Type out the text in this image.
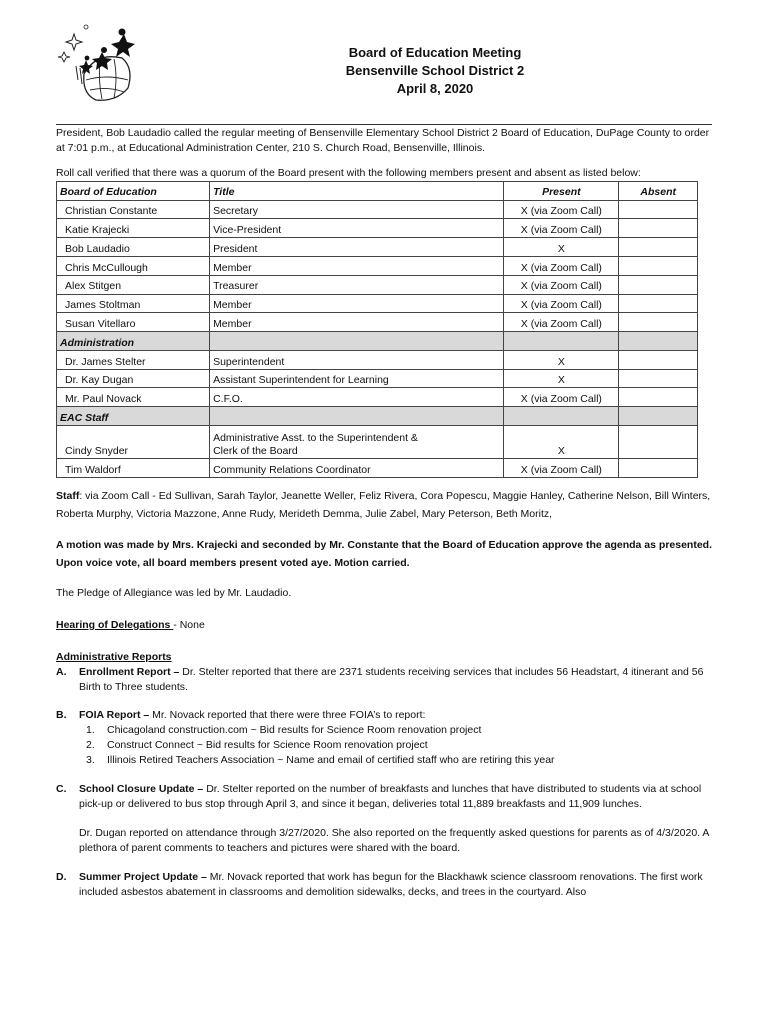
Board of Education Meeting
Bensenville School District 2
April 8, 2020

President, Bob Laudadio called the regular meeting of Bensenville Elementary School District 2 Board of Education, DuPage County to order at 7:01 p.m., at Educational Administration Center, 210 S. Church Road, Bensenville, Illinois.

Roll call verified that there was a quorum of the Board present with the following members present and absent as listed below:

Board of Education	Title	Present	Absent
Christian Constante	Secretary	X (via Zoom Call)	
Katie Krajecki	Vice-President	X (via Zoom Call)	
Bob Laudadio	President	X	
Chris McCullough	Member	X (via Zoom Call)	
Alex Stitgen	Treasurer	X (via Zoom Call)	
James Stoltman	Member	X (via Zoom Call)	
Susan Vitellaro	Member	X (via Zoom Call)	
Administration			
Dr. James Stelter	Superintendent	X	
Dr. Kay Dugan	Assistant Superintendent for Learning	X	
Mr. Paul Novack	C.F.O.	X (via Zoom Call)	
EAC Staff			
Cindy Snyder	Administrative Asst. to the Superintendent &
Clerk of the Board	X	
Tim Waldorf	Community Relations Coordinator	X (via Zoom Call)	

Staff: via Zoom Call - Ed Sullivan, Sarah Taylor, Jeanette Weller, Feliz Rivera, Cora Popescu, Maggie Hanley, Catherine Nelson, Bill Winters, Roberta Murphy, Victoria Mazzone, Anne Rudy, Merideth Demma, Julie Zabel, Mary Peterson, Beth Moritz,

A motion was made by Mrs. Krajecki and seconded by Mr. Constante that the Board of Education approve the agenda as presented. Upon voice vote, all board members present voted aye. Motion carried.

The Pledge of Allegiance was led by Mr. Laudadio.

Hearing of Delegations - None

Administrative Reports

A. Enrollment Report – Dr. Stelter reported that there are 2371 students receiving services that includes 56 Headstart, 4 itinerant and 56 Birth to Three students.
B. FOIA Report – Mr. Novack reported that there were three FOIA’s to report:
1. Chicagoland construction.com ~ Bid results for Science Room renovation project
2. Construct Connect ~ Bid results for Science Room renovation project
3. Illinois Retired Teachers Association ~ Name and email of certified staff who are retiring this year
C. School Closure Update – Dr. Stelter reported on the number of breakfasts and lunches that have distributed to students via at school pick-up or delivered to bus stop through April 3, and since it began, deliveries total 11,889 breakfasts and 11,909 lunches.

Dr. Dugan reported on attendance through 3/27/2020. She also reported on the frequently asked questions for parents as of 4/3/2020. A plethora of parent comments to teachers and pictures were shared with the board.

D. Summer Project Update – Mr. Novack reported that work has begun for the Blackhawk science classroom renovations. The first work included asbestos abatement in classrooms and demolition sidewalks, decks, and trees in the courtyard. Also
